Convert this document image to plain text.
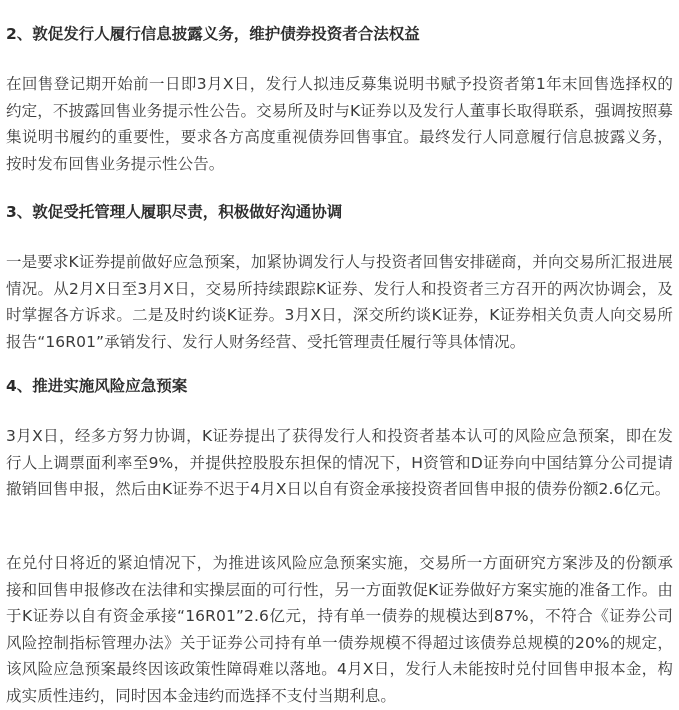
2、敦促发行人履行信息披露义务，维护债券投资者合法权益

在回售登记期开始前一日即3月X日，发行人拟违反募集说明书赋予投资者第1年末回售选择权的约定，不披露回售业务提示性公告。交易所及时与K证券以及发行人董事长取得联系，强调按照募集说明书履约的重要性，要求各方高度重视债券回售事宜。最终发行人同意履行信息披露义务，按时发布回售业务提示性公告。

3、敦促受托管理人履职尽责，积极做好沟通协调

一是要求K证券提前做好应急预案，加紧协调发行人与投资者回售安排磋商，并向交易所汇报进展情况。从2月X日至3月X日，交易所持续跟踪K证券、发行人和投资者三方召开的两次协调会，及时掌握各方诉求。二是及时约谈K证券。3月X日，深交所约谈K证券，K证券相关负责人向交易所报告“16R01”承销发行、发行人财务经营、受托管理责任履行等具体情况。

4、推进实施风险应急预案

3月X日，经多方努力协调，K证券提出了获得发行人和投资者基本认可的风险应急预案，即在发行人上调票面利率至9%，并提供控股股东担保的情况下，H资管和D证券向中国结算分公司提请撤销回售申报，然后由K证券不迟于4月X日以自有资金承接投资者回售申报的债券份额2.6亿元。

在兑付日将近的紧迫情况下，为推进该风险应急预案实施，交易所一方面研究方案涉及的份额承接和回售申报修改在法律和实操层面的可行性，另一方面敦促K证券做好方案实施的准备工作。由于K证券以自有资金承接“16R01”2.6亿元，持有单一债券的规模达到87%，不符合《证券公司风险控制指标管理办法》关于证券公司持有单一债券规模不得超过该债券总规模的20%的规定，该风险应急预案最终因该政策性障碍难以落地。4月X日，发行人未能按时兑付回售申报本金，构成实质性违约，同时因本金违约而选择不支付当期利息。
